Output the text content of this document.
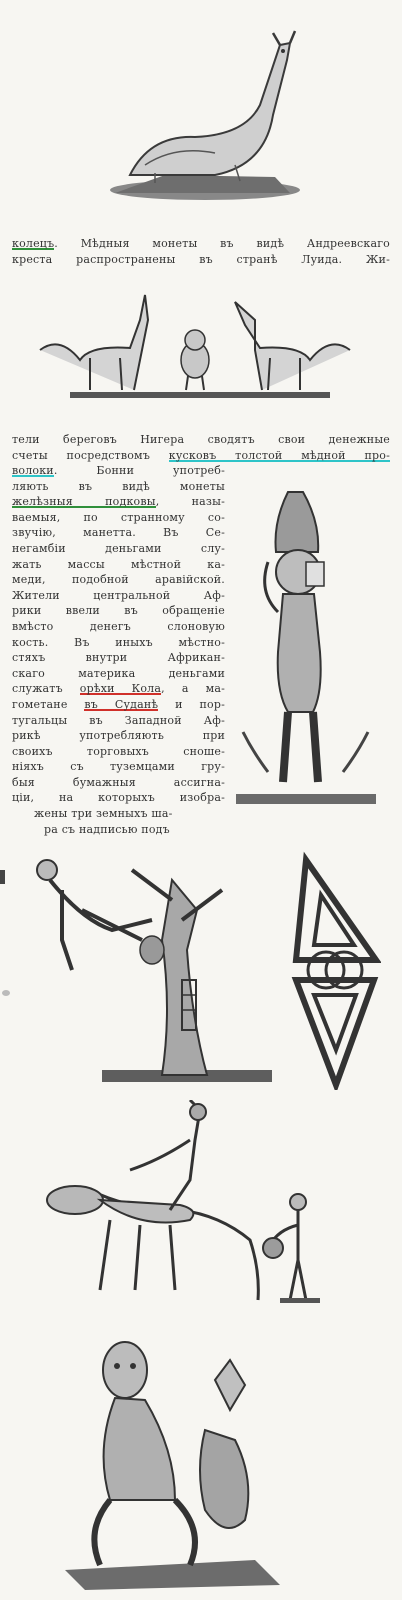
колецъ. Мѣдныя монеты въ видѣ Андреевскаго
креста распространены въ странѣ Луида. Жи-
тели береговъ Нигера сводятъ свои денежные
счеты посредствомъ кусковъ толстой мѣдной про-
волоки. Бонни употреб-
ляють въ видѣ монеты
желѣзныя подковы, назы-
ваемыя, по странному со-
звучію, манетта. Въ Се-
негамбіи деньгами слу-
жать массы мѣстной ка-
меди, подобной аравійской.
Жители центральной Аф-
рики ввели въ обращеніе
вмѣсто денегъ слоновую
кость. Въ иныхъ мѣстно-
стяхъ внутри Африкан-
скаго материка деньгами
служатъ орѣхи Кола, а ма-
гометане въ Суданѣ и пор-
тугальцы въ Западной Аф-
рикѣ употребляють при
своихъ торговыхъ сноше-
ніяхъ съ туземцами гру-
быя бумажныя ассигна-
ціи, на которыхъ изобра-
жены три земныхъ ша-
ра съ надписью подъ
